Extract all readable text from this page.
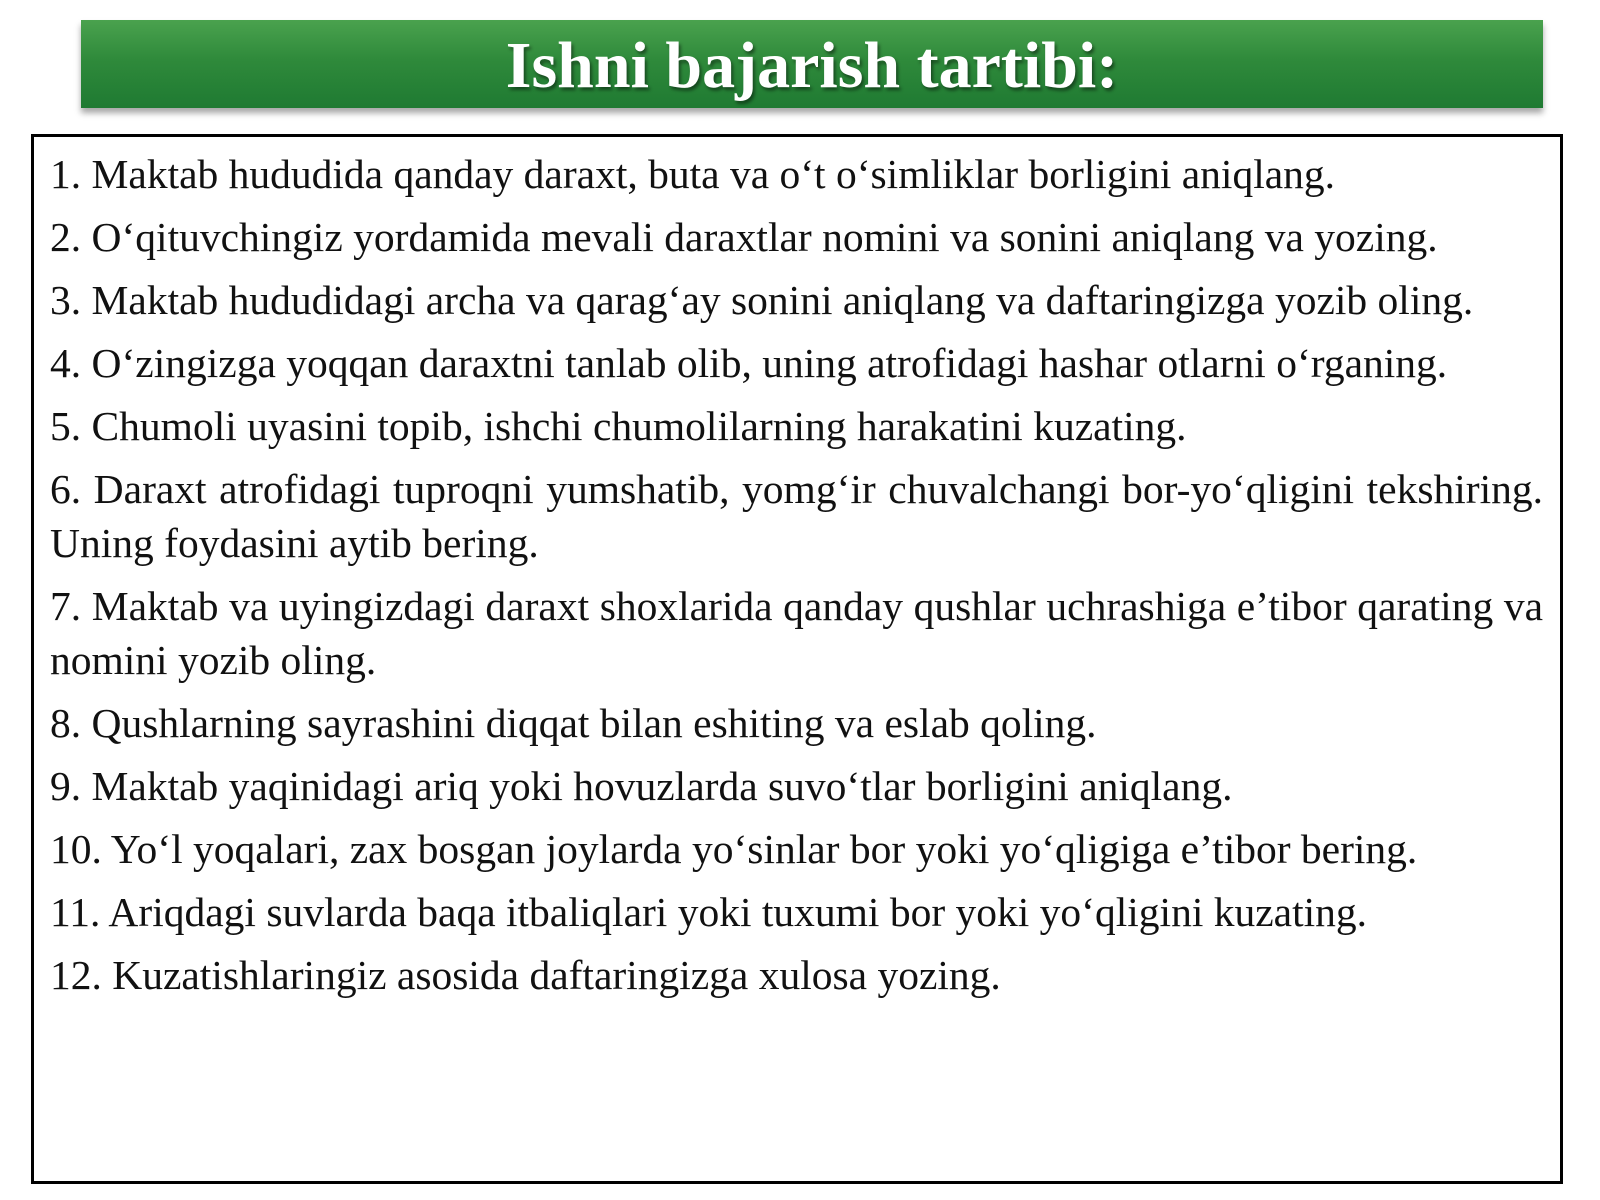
Ishni bajarish tartibi:
1. Maktab hududida qanday daraxt, buta va o‘t o‘simliklar borligini aniqlang.
2. O‘qituvchingiz yordamida mevali daraxtlar nomini va sonini aniqlang va yozing.
3. Maktab hududidagi archa va qarag‘ay sonini aniqlang va daftaringizga yozib oling.
4. O‘zingizga yoqqan daraxtni tanlab olib, uning atrofidagi hashar otlarni o‘rganing.
5. Chumoli uyasini topib, ishchi chumolilarning harakatini kuzating.
6. Daraxt atrofidagi tuproqni yumshatib, yomg‘ir chuvalchangi bor-yo‘qligini tekshiring. Uning foydasini aytib bering.
7. Maktab va uyingizdagi daraxt shoxlarida qanday qushlar uchrashiga e’tibor qarating va nomini yozib oling.
8. Qushlarning sayrashini diqqat bilan eshiting va eslab qoling.
9. Maktab yaqinidagi ariq yoki hovuzlarda suvo‘tlar borligini aniqlang.
10. Yo‘l yoqalari, zax bosgan joylarda yo‘sinlar bor yoki yo‘qligiga e’tibor bering.
11. Ariqdagi suvlarda baqa itbaliqlari yoki tuxumi bor yoki yo‘qligini kuzating.
12. Kuzatishlaringiz asosida daftaringizga xulosa yozing.
